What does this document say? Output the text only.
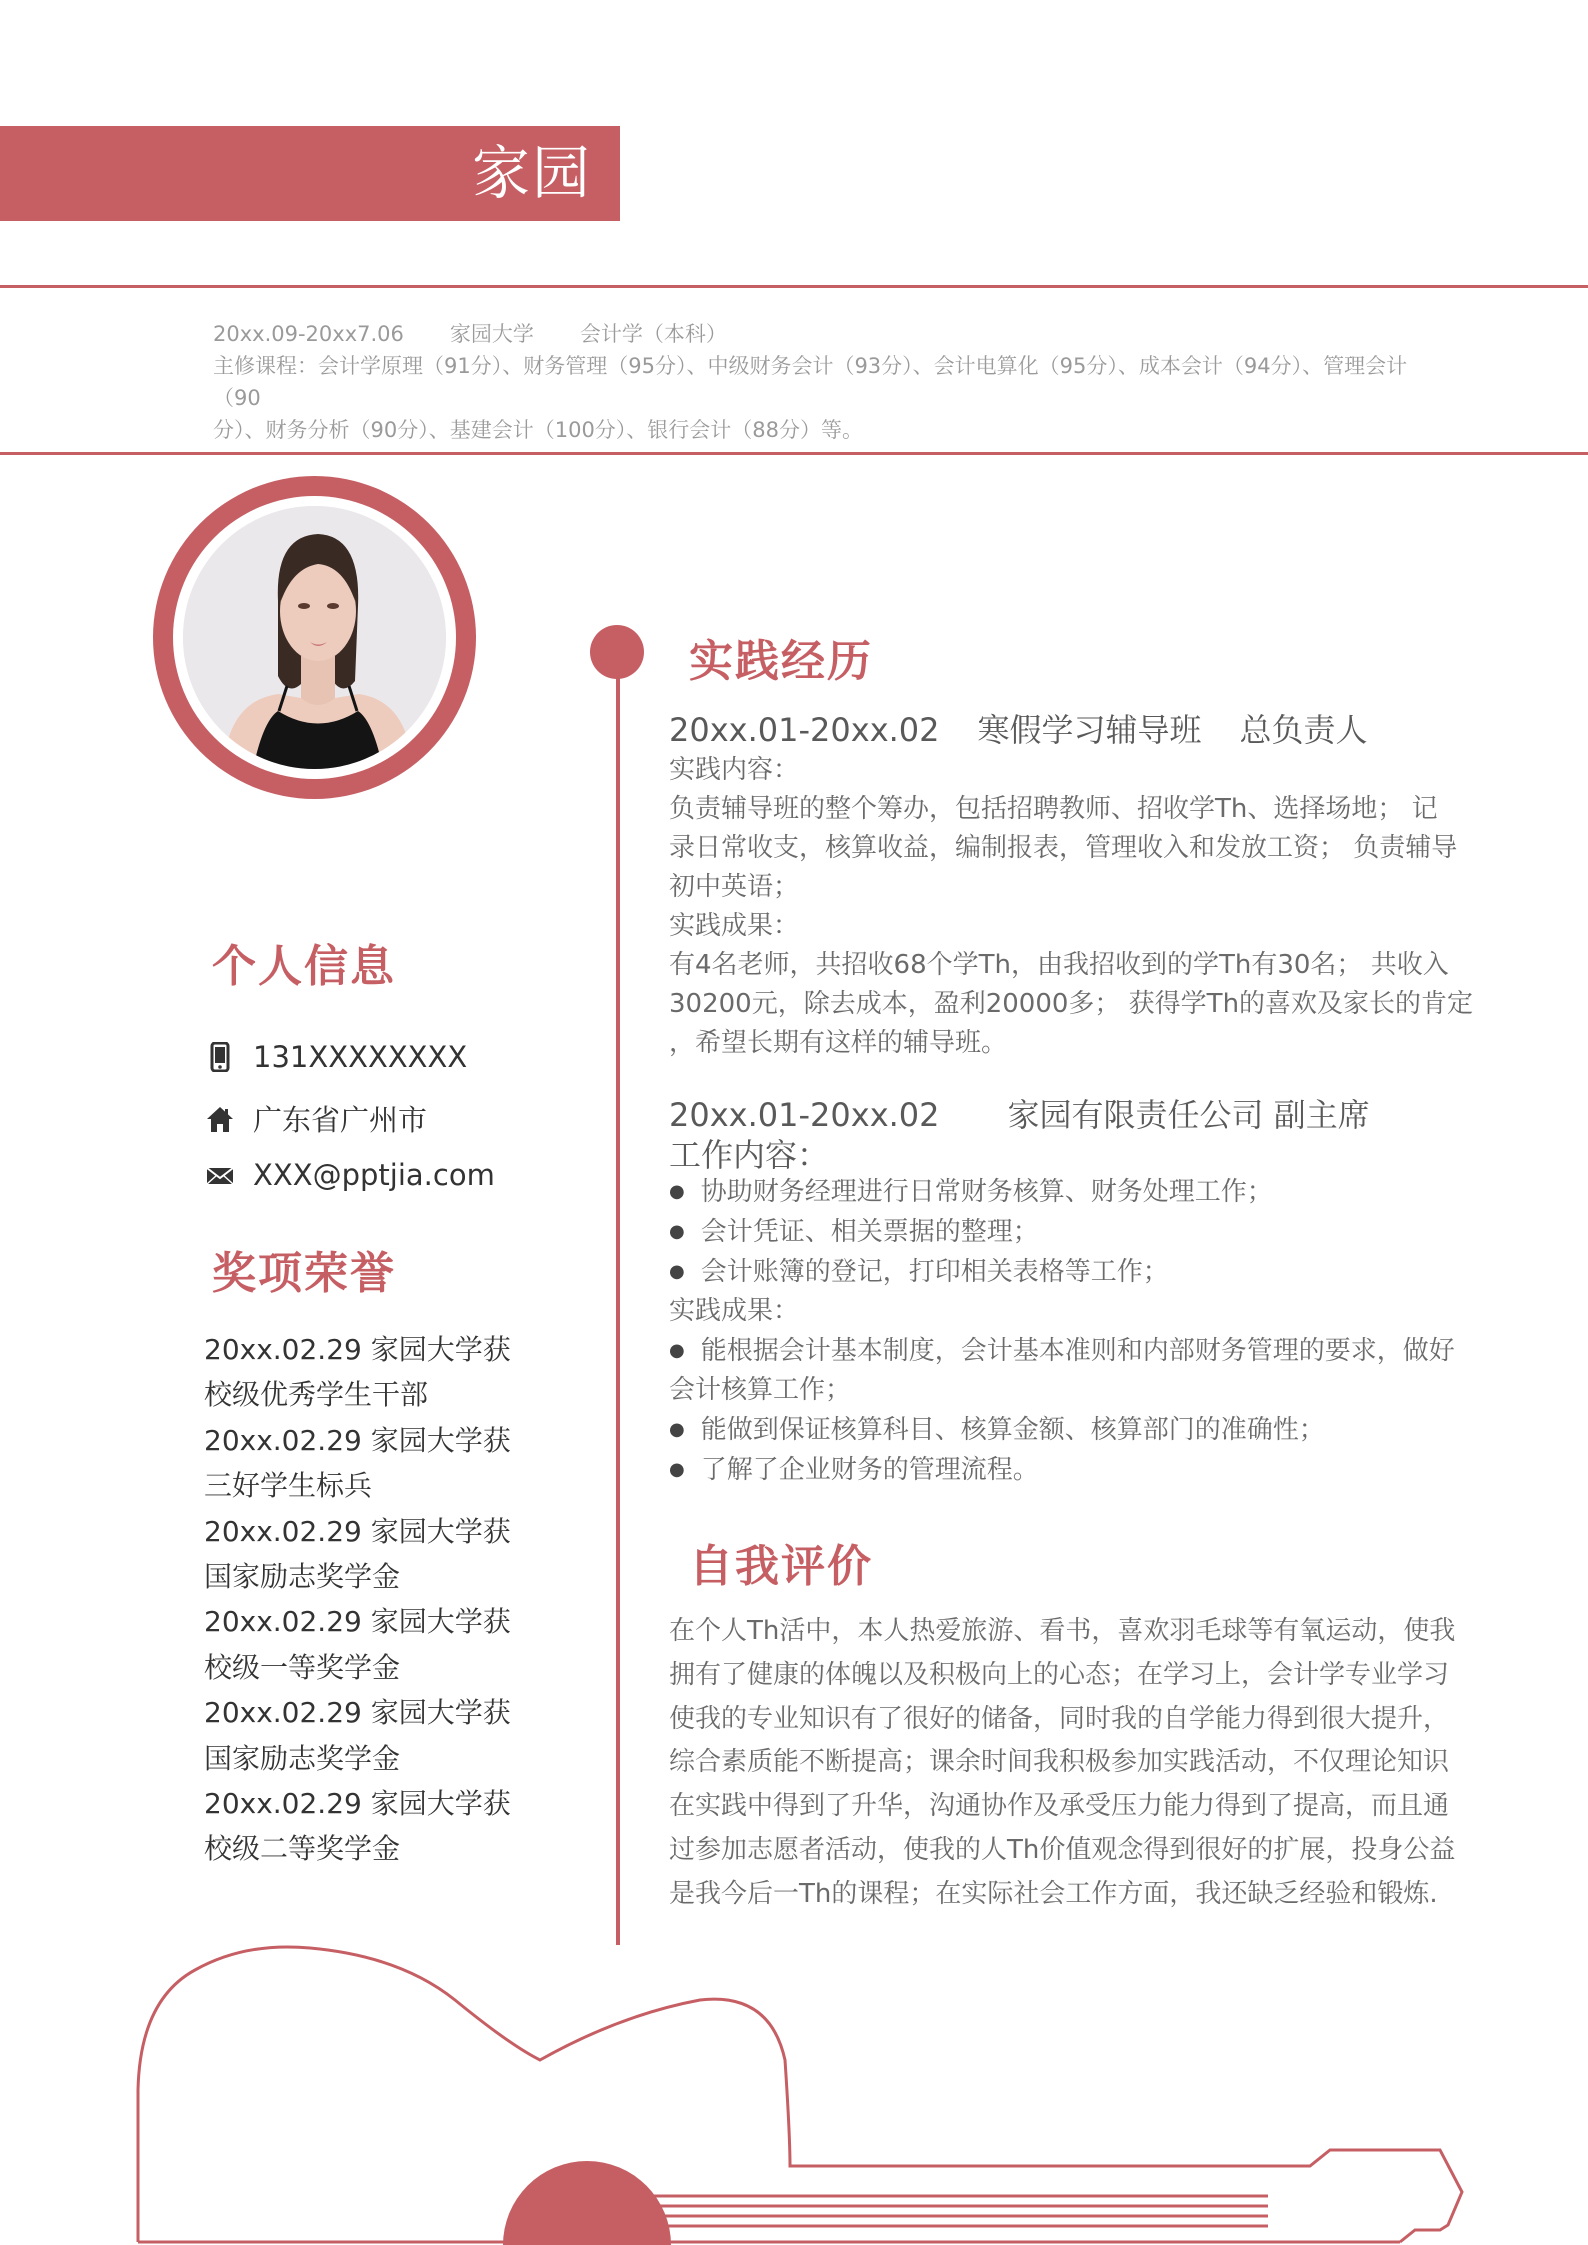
家园
20xx.09-20xx7.06 家园大学 会计学（本科）
主修课程：会计学原理（91分）、财务管理（95分）、中级财务会计（93分）、会计电算化（95分）、成本会计（94分）、管理会计（90
分）、财务分析（90分）、基建会计（100分）、银行会计（88分）等。
个人信息
131XXXXXXXX
广东省广州市
XXX@pptjia.com
奖项荣誉
20xx.02.29 家园大学获
校级优秀学生干部
20xx.02.29 家园大学获
三好学生标兵
20xx.02.29 家园大学获
国家励志奖学金
20xx.02.29 家园大学获
校级一等奖学金
20xx.02.29 家园大学获
国家励志奖学金
20xx.02.29 家园大学获
校级二等奖学金
实践经历
20xx.01-20xx.02 寒假学习辅导班 总负责人

实践内容：

负责辅导班的整个筹办，包括招聘教师、招收学Th、选择场地； 记

录日常收支，核算收益，编制报表，管理收入和发放工资； 负责辅导

初中英语；

实践成果：

有4名老师，共招收68个学Th，由我招收到的学Th有30名； 共收入

30200元，除去成本，盈利20000多； 获得学Th的喜欢及家长的肯定

，希望长期有这样的辅导班。

20xx.01-20xx.02 家园有限责任公司 副主席
工作内容：

● 协助财务经理进行日常财务核算、财务处理工作；

● 会计凭证、相关票据的整理；

● 会计账簿的登记，打印相关表格等工作；

实践成果：

● 能根据会计基本制度，会计基本准则和内部财务管理的要求，做好

会计核算工作；

● 能做到保证核算科目、核算金额、核算部门的准确性；

● 了解了企业财务的管理流程。

自我评价
在个人Th活中，本人热爱旅游、看书，喜欢羽毛球等有氧运动，使我
拥有了健康的体魄以及积极向上的心态；在学习上，会计学专业学习
使我的专业知识有了很好的储备，同时我的自学能力得到很大提升，
综合素质能不断提高；课余时间我积极参加实践活动，不仅理论知识
在实践中得到了升华，沟通协作及承受压力能力得到了提高，而且通
过参加志愿者活动，使我的人Th价值观念得到很好的扩展，投身公益
是我今后一Th的课程；在实际社会工作方面，我还缺乏经验和锻炼.
